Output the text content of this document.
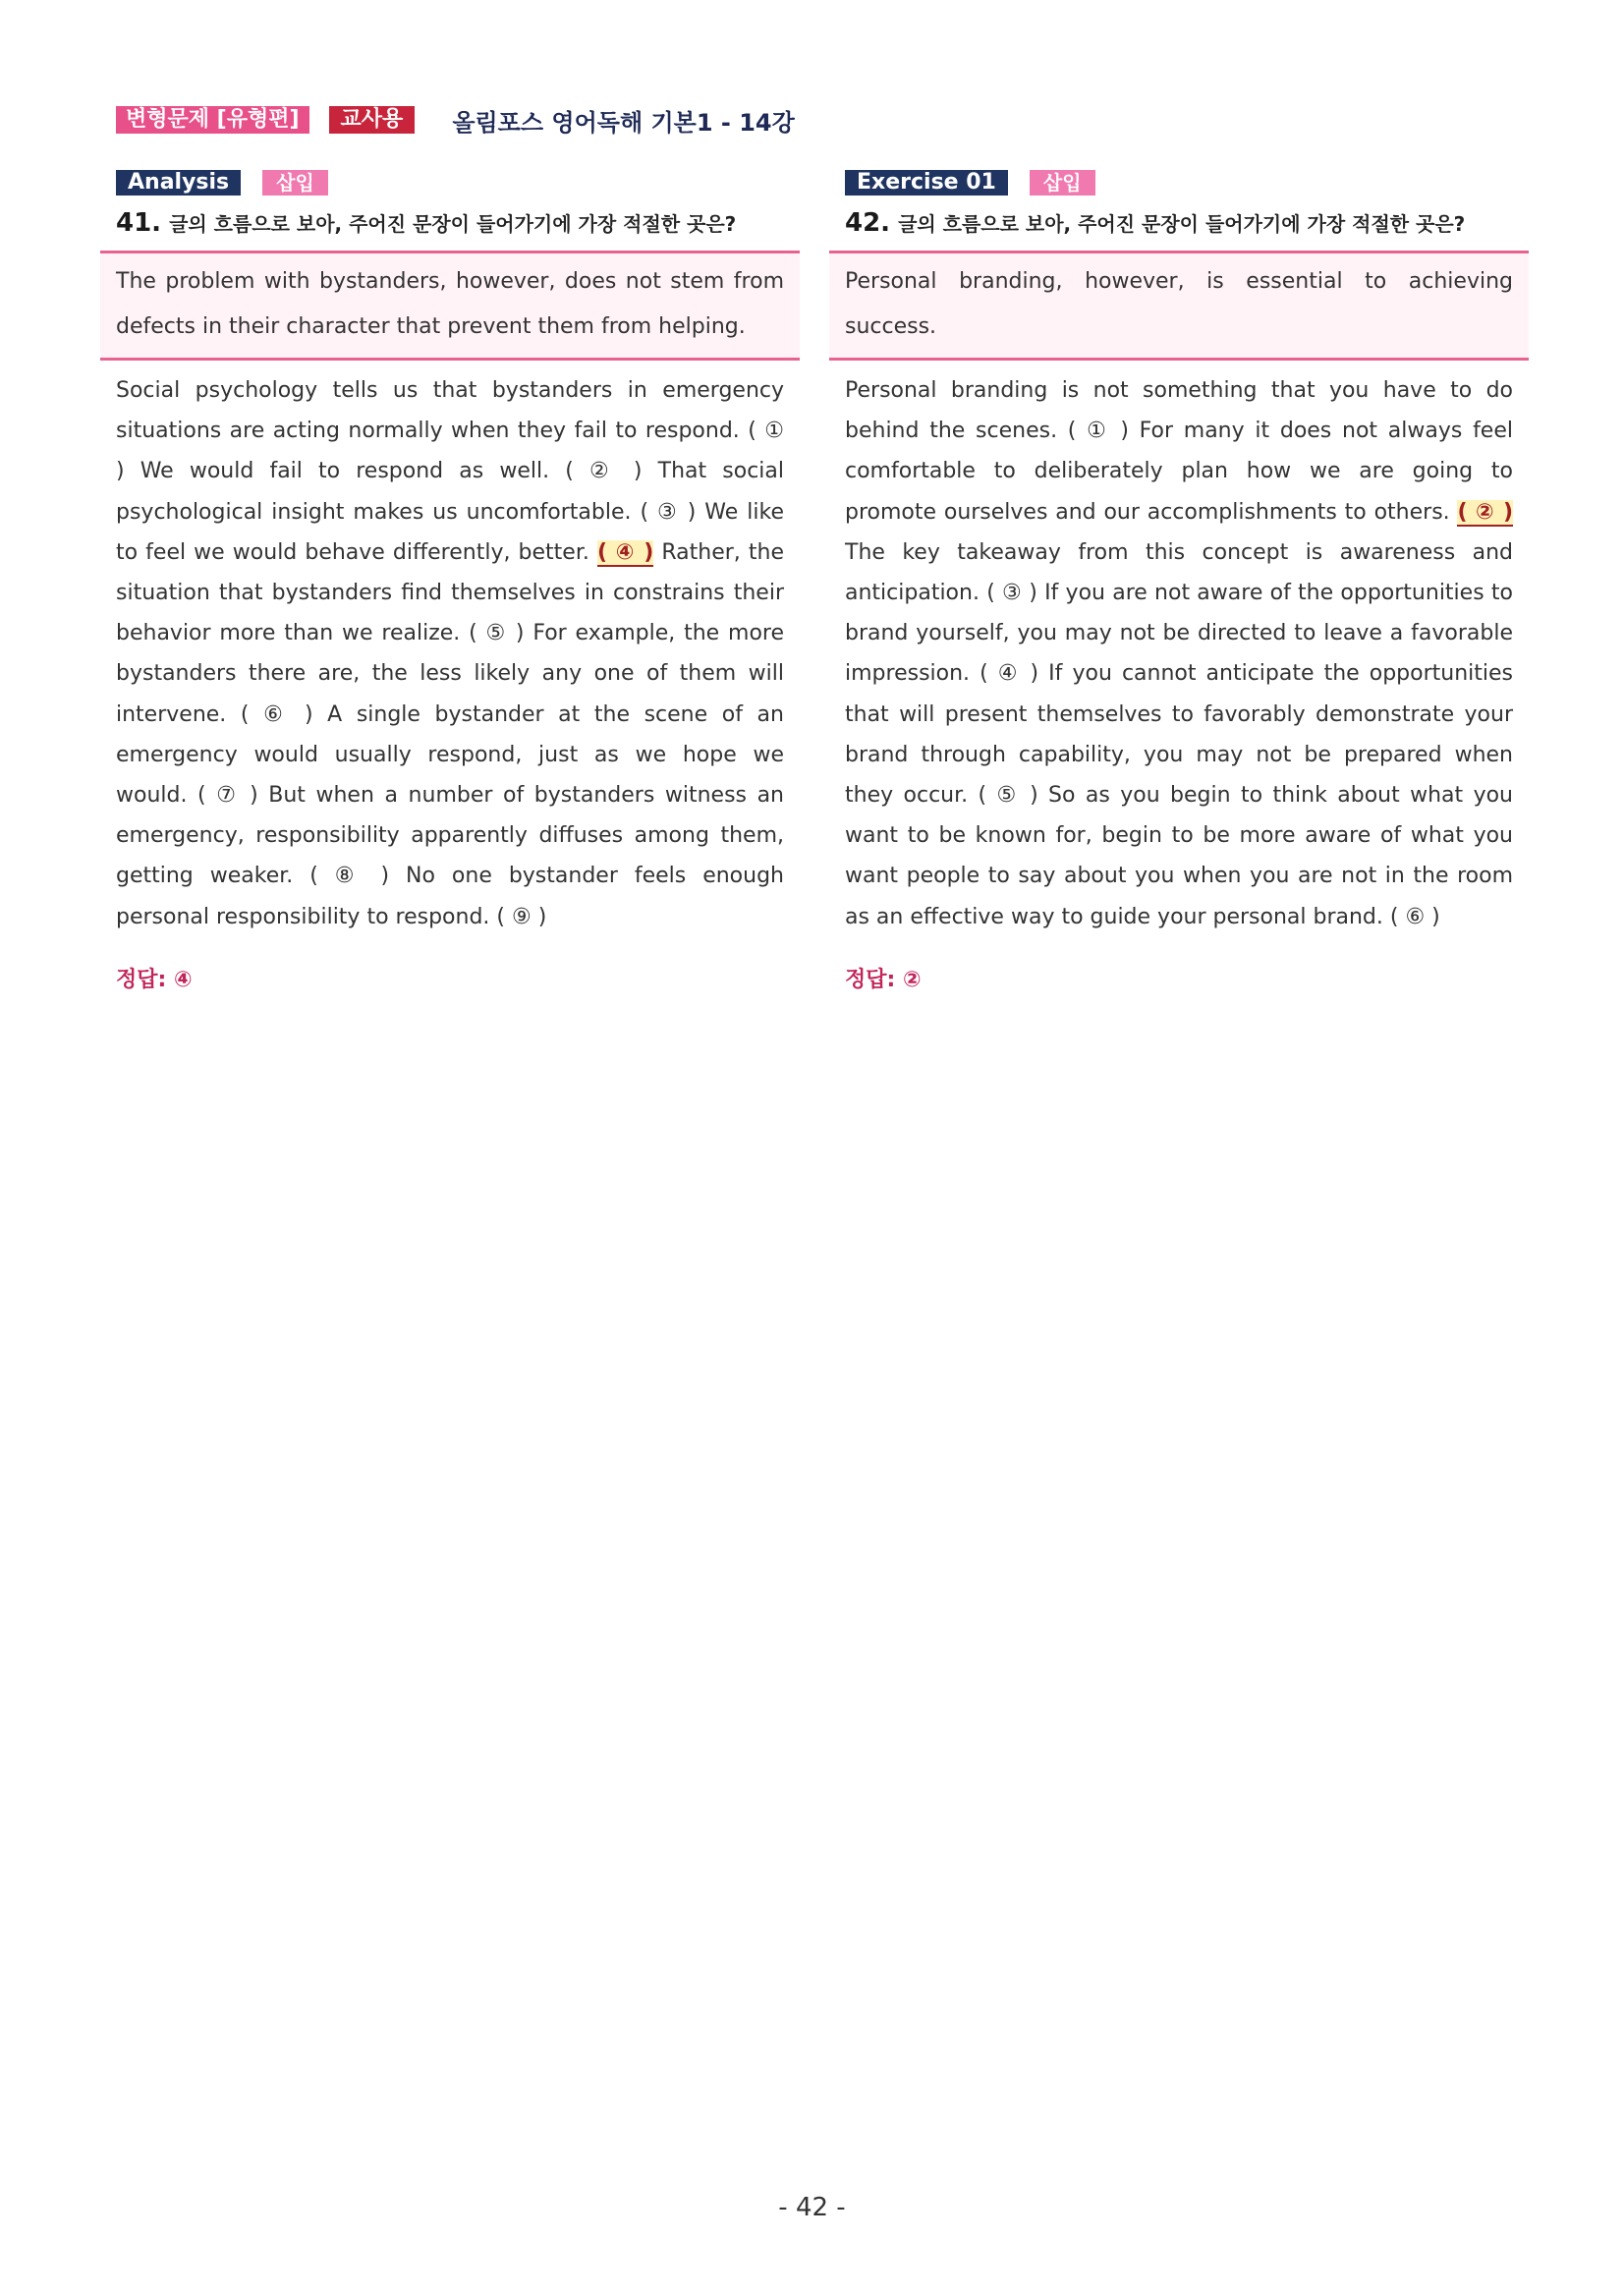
변형문제 [유형편]	교사용	올림포스 영어독해 기본1 - 14강
Analysis	삽입
41. 글의 흐름으로 보아, 주어진 문장이 들어가기에 가장 적절한 곳은?
The problem with bystanders, however, does not stem from defects in their character that prevent them from helping.
Social psychology tells us that bystanders in emergency situations are acting normally when they fail to respond. ( ① ) We would fail to respond as well. ( ② ) That social psychological insight makes us uncomfortable. ( ③ ) We like to feel we would behave differently, better. ( ④ ) Rather, the situation that bystanders find themselves in constrains their behavior more than we realize. ( ⑤ ) For example, the more bystanders there are, the less likely any one of them will intervene. ( ⑥ ) A single bystander at the scene of an emergency would usually respond, just as we hope we would. ( ⑦ ) But when a number of bystanders witness an emergency, responsibility apparently diffuses among them, getting weaker. ( ⑧ ) No one bystander feels enough personal responsibility to respond. ( ⑨ )
정답: ④
Exercise 01	삽입
42. 글의 흐름으로 보아, 주어진 문장이 들어가기에 가장 적절한 곳은?
Personal branding, however, is essential to achieving success.
Personal branding is not something that you have to do behind the scenes. ( ① ) For many it does not always feel comfortable to deliberately plan how we are going to promote ourselves and our accomplishments to others. ( ② ) The key takeaway from this concept is awareness and anticipation. ( ③ ) If you are not aware of the opportunities to brand yourself, you may not be directed to leave a favorable impression. ( ④ ) If you cannot anticipate the opportunities that will present themselves to favorably demonstrate your brand through capability, you may not be prepared when they occur. ( ⑤ ) So as you begin to think about what you want to be known for, begin to be more aware of what you want people to say about you when you are not in the room as an effective way to guide your personal brand. ( ⑥ )
정답: ②
- 42 -
